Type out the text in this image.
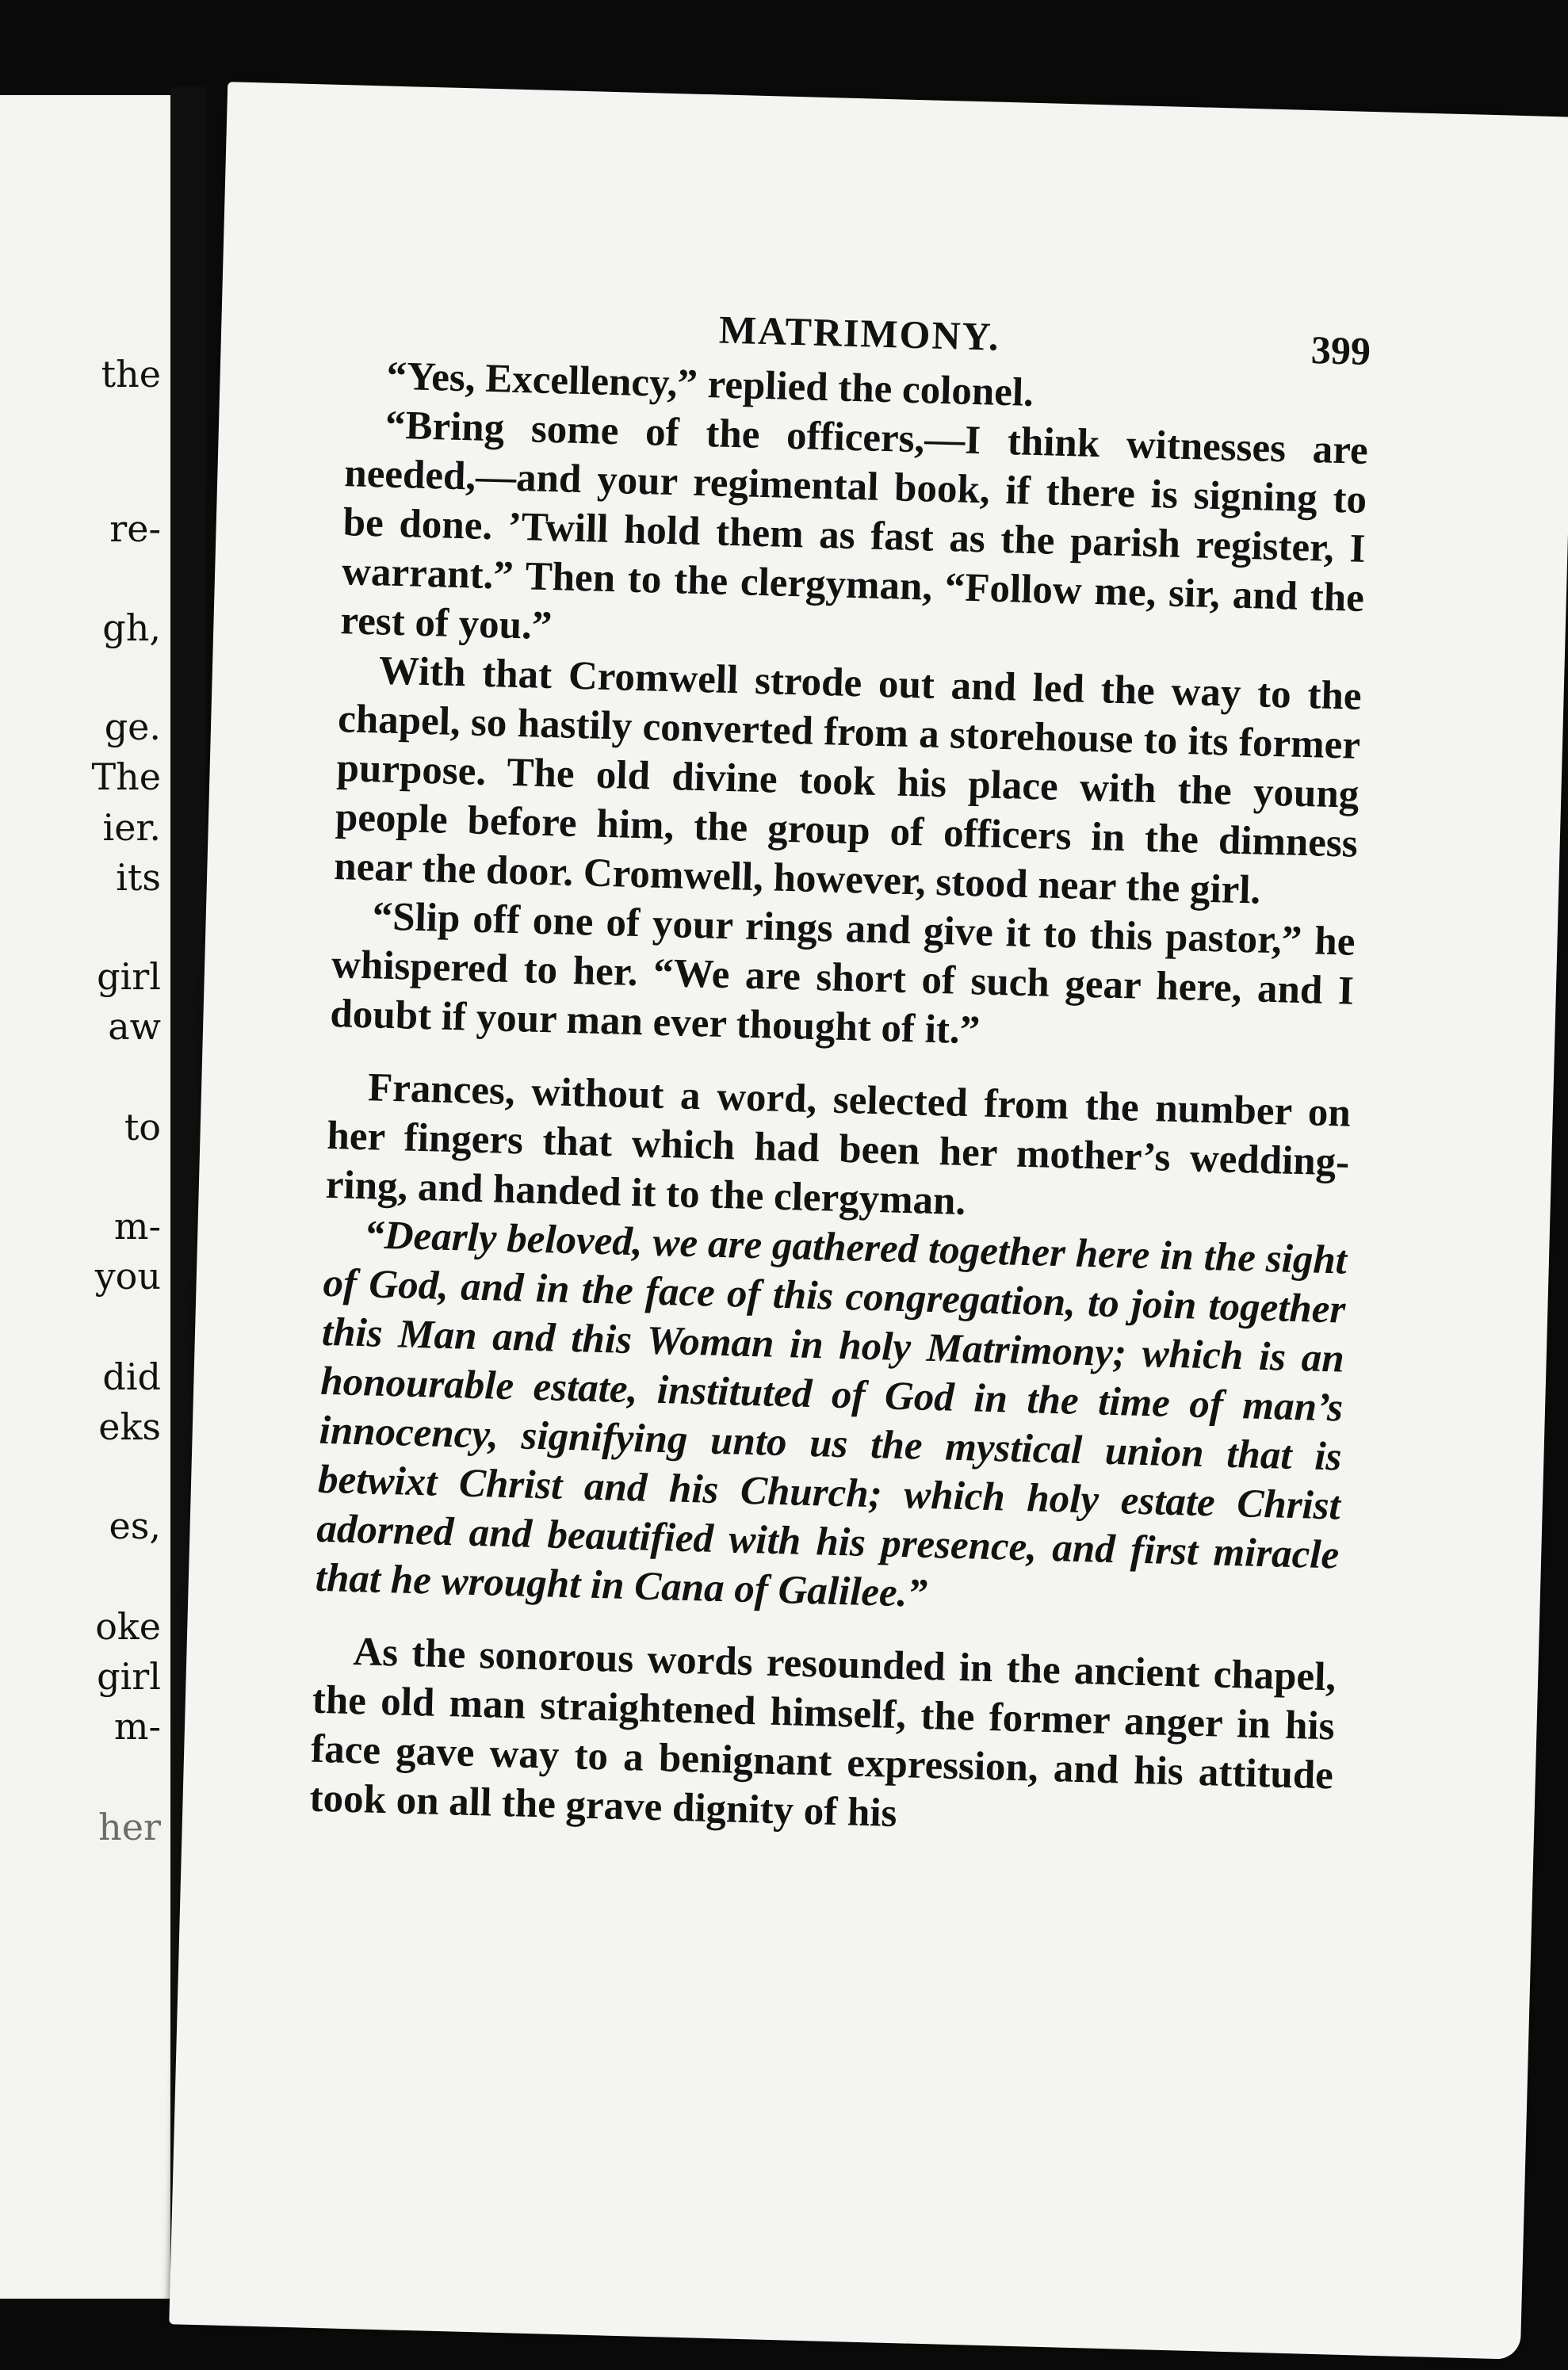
the
re-
gh,
ge.
The
ier.
its
girl
aw
to
m-
you
did
eks
es,
oke
girl
m-
her
MATRIMONY.	399

“Yes, Excellency,” replied the colonel.

“Bring some of the officers,—I think witnesses are needed,—and your regimental book, if there is signing to be done. ’Twill hold them as fast as the parish register, I warrant.” Then to the clergyman, “Follow me, sir, and the rest of you.”

With that Cromwell strode out and led the way to the chapel, so hastily converted from a storehouse to its former purpose. The old divine took his place with the young people before him, the group of officers in the dimness near the door. Cromwell, however, stood near the girl.

“Slip off one of your rings and give it to this pastor,” he whispered to her. “We are short of such gear here, and I doubt if your man ever thought of it.”

Frances, without a word, selected from the number on her fingers that which had been her mother’s wedding-ring, and handed it to the clergyman.

“Dearly beloved, we are gathered together here in the sight of God, and in the face of this congregation, to join together this Man and this Woman in holy Matrimony; which is an honourable estate, instituted of God in the time of man’s innocency, signifying unto us the mystical union that is betwixt Christ and his Church; which holy estate Christ adorned and beautified with his presence, and first miracle that he wrought in Cana of Galilee.”

As the sonorous words resounded in the ancient chapel, the old man straightened himself, the former anger in his face gave way to a benignant expression, and his attitude took on all the grave dignity of his
